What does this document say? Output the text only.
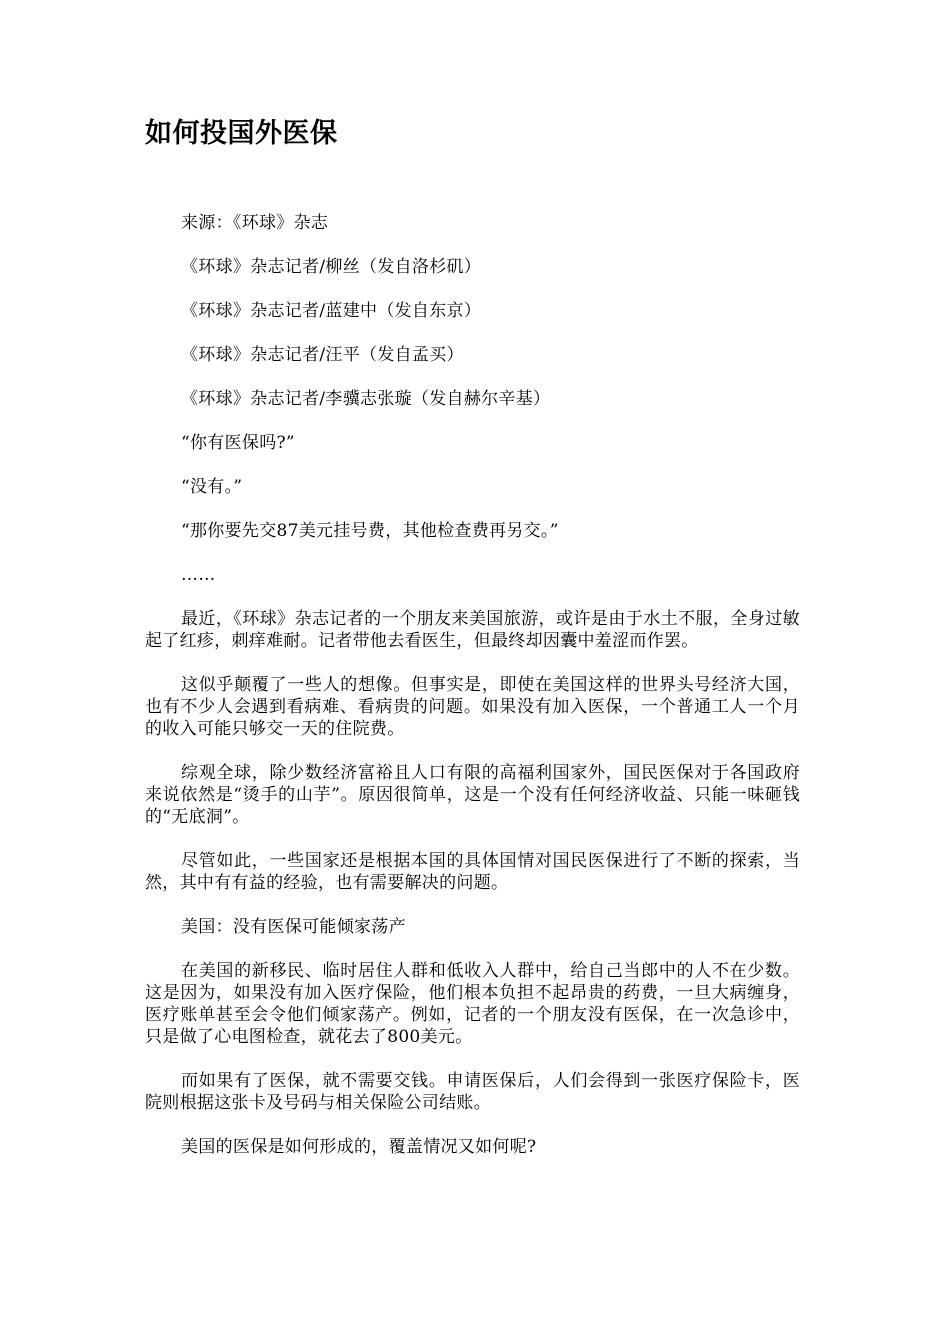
如何投国外医保

来源：《环球》杂志

《环球》杂志记者/柳丝（发自洛杉矶）

《环球》杂志记者/蓝建中（发自东京）

《环球》杂志记者/汪平（发自孟买）

《环球》杂志记者/李骥志张璇（发自赫尔辛基）

“你有医保吗?”

“没有。”

“那你要先交87美元挂号费，其他检查费再另交。”

……

最近，《环球》杂志记者的一个朋友来美国旅游，或许是由于水土不服，全身过敏起了红疹，刺痒难耐。记者带他去看医生，但最终却因囊中羞涩而作罢。

这似乎颠覆了一些人的想像。但事实是，即使在美国这样的世界头号经济大国，也有不少人会遇到看病难、看病贵的问题。如果没有加入医保，一个普通工人一个月的收入可能只够交一天的住院费。

综观全球，除少数经济富裕且人口有限的高福利国家外，国民医保对于各国政府来说依然是“烫手的山芋”。原因很简单，这是一个没有任何经济收益、只能一味砸钱的“无底洞”。

尽管如此，一些国家还是根据本国的具体国情对国民医保进行了不断的探索，当然，其中有有益的经验，也有需要解决的问题。

美国：没有医保可能倾家荡产

在美国的新移民、临时居住人群和低收入人群中，给自己当郎中的人不在少数。这是因为，如果没有加入医疗保险，他们根本负担不起昂贵的药费，一旦大病缠身，医疗账单甚至会令他们倾家荡产。例如，记者的一个朋友没有医保，在一次急诊中，只是做了心电图检查，就花去了800美元。

而如果有了医保，就不需要交钱。申请医保后，人们会得到一张医疗保险卡，医院则根据这张卡及号码与相关保险公司结账。

美国的医保是如何形成的，覆盖情况又如何呢?
